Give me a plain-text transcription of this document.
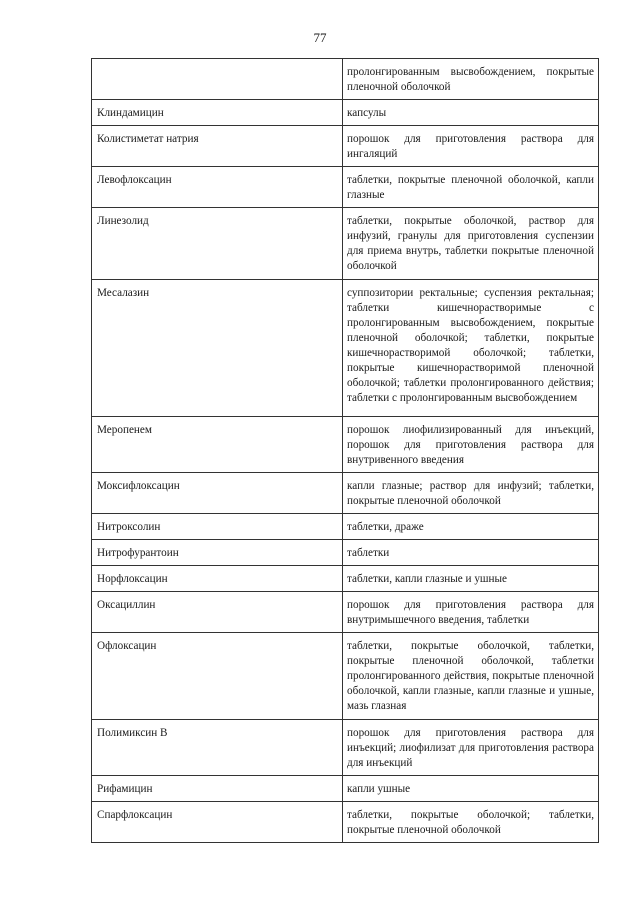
77
	пролонгированным высвобождением, покрытые пленочной оболочкой
Клиндамицин	капсулы
Колистиметат натрия	порошок для приготовления раствора для ингаляций
Левофлоксацин	таблетки, покрытые пленочной оболочкой, капли глазные
Линезолид	таблетки, покрытые оболочкой, раствор для инфузий, гранулы для приготовления суспензии для приема внутрь, таблетки покрытые пленочной оболочкой
Месалазин	суппозитории ректальные; суспензия ректальная; таблетки кишечнорастворимые с пролонгированным высвобождением, покрытые пленочной оболочкой; таблетки, покрытые кишечнорастворимой оболочкой; таблетки, покрытые кишечнорастворимой пленочной оболочкой; таблетки пролонгированного действия; таблетки с пролонгированным высвобождением
Меропенем	порошок лиофилизированный для инъекций, порошок для приготовления раствора для внутривенного введения
Моксифлоксацин	капли глазные; раствор для инфузий; таблетки, покрытые пленочной оболочкой
Нитроксолин	таблетки, драже
Нитрофурантоин	таблетки
Норфлоксацин	таблетки, капли глазные и ушные
Оксациллин	порошок для приготовления раствора для внутримышечного введения, таблетки
Офлоксацин	таблетки, покрытые оболочкой, таблетки, покрытые пленочной оболочкой, таблетки пролонгированного действия, покрытые пленочной оболочкой, капли глазные, капли глазные и ушные, мазь глазная
Полимиксин В	порошок для приготовления раствора для инъекций; лиофилизат для приготовления раствора для инъекций
Рифамицин	капли ушные
Спарфлоксацин	таблетки, покрытые оболочкой; таблетки, покрытые пленочной оболочкой
